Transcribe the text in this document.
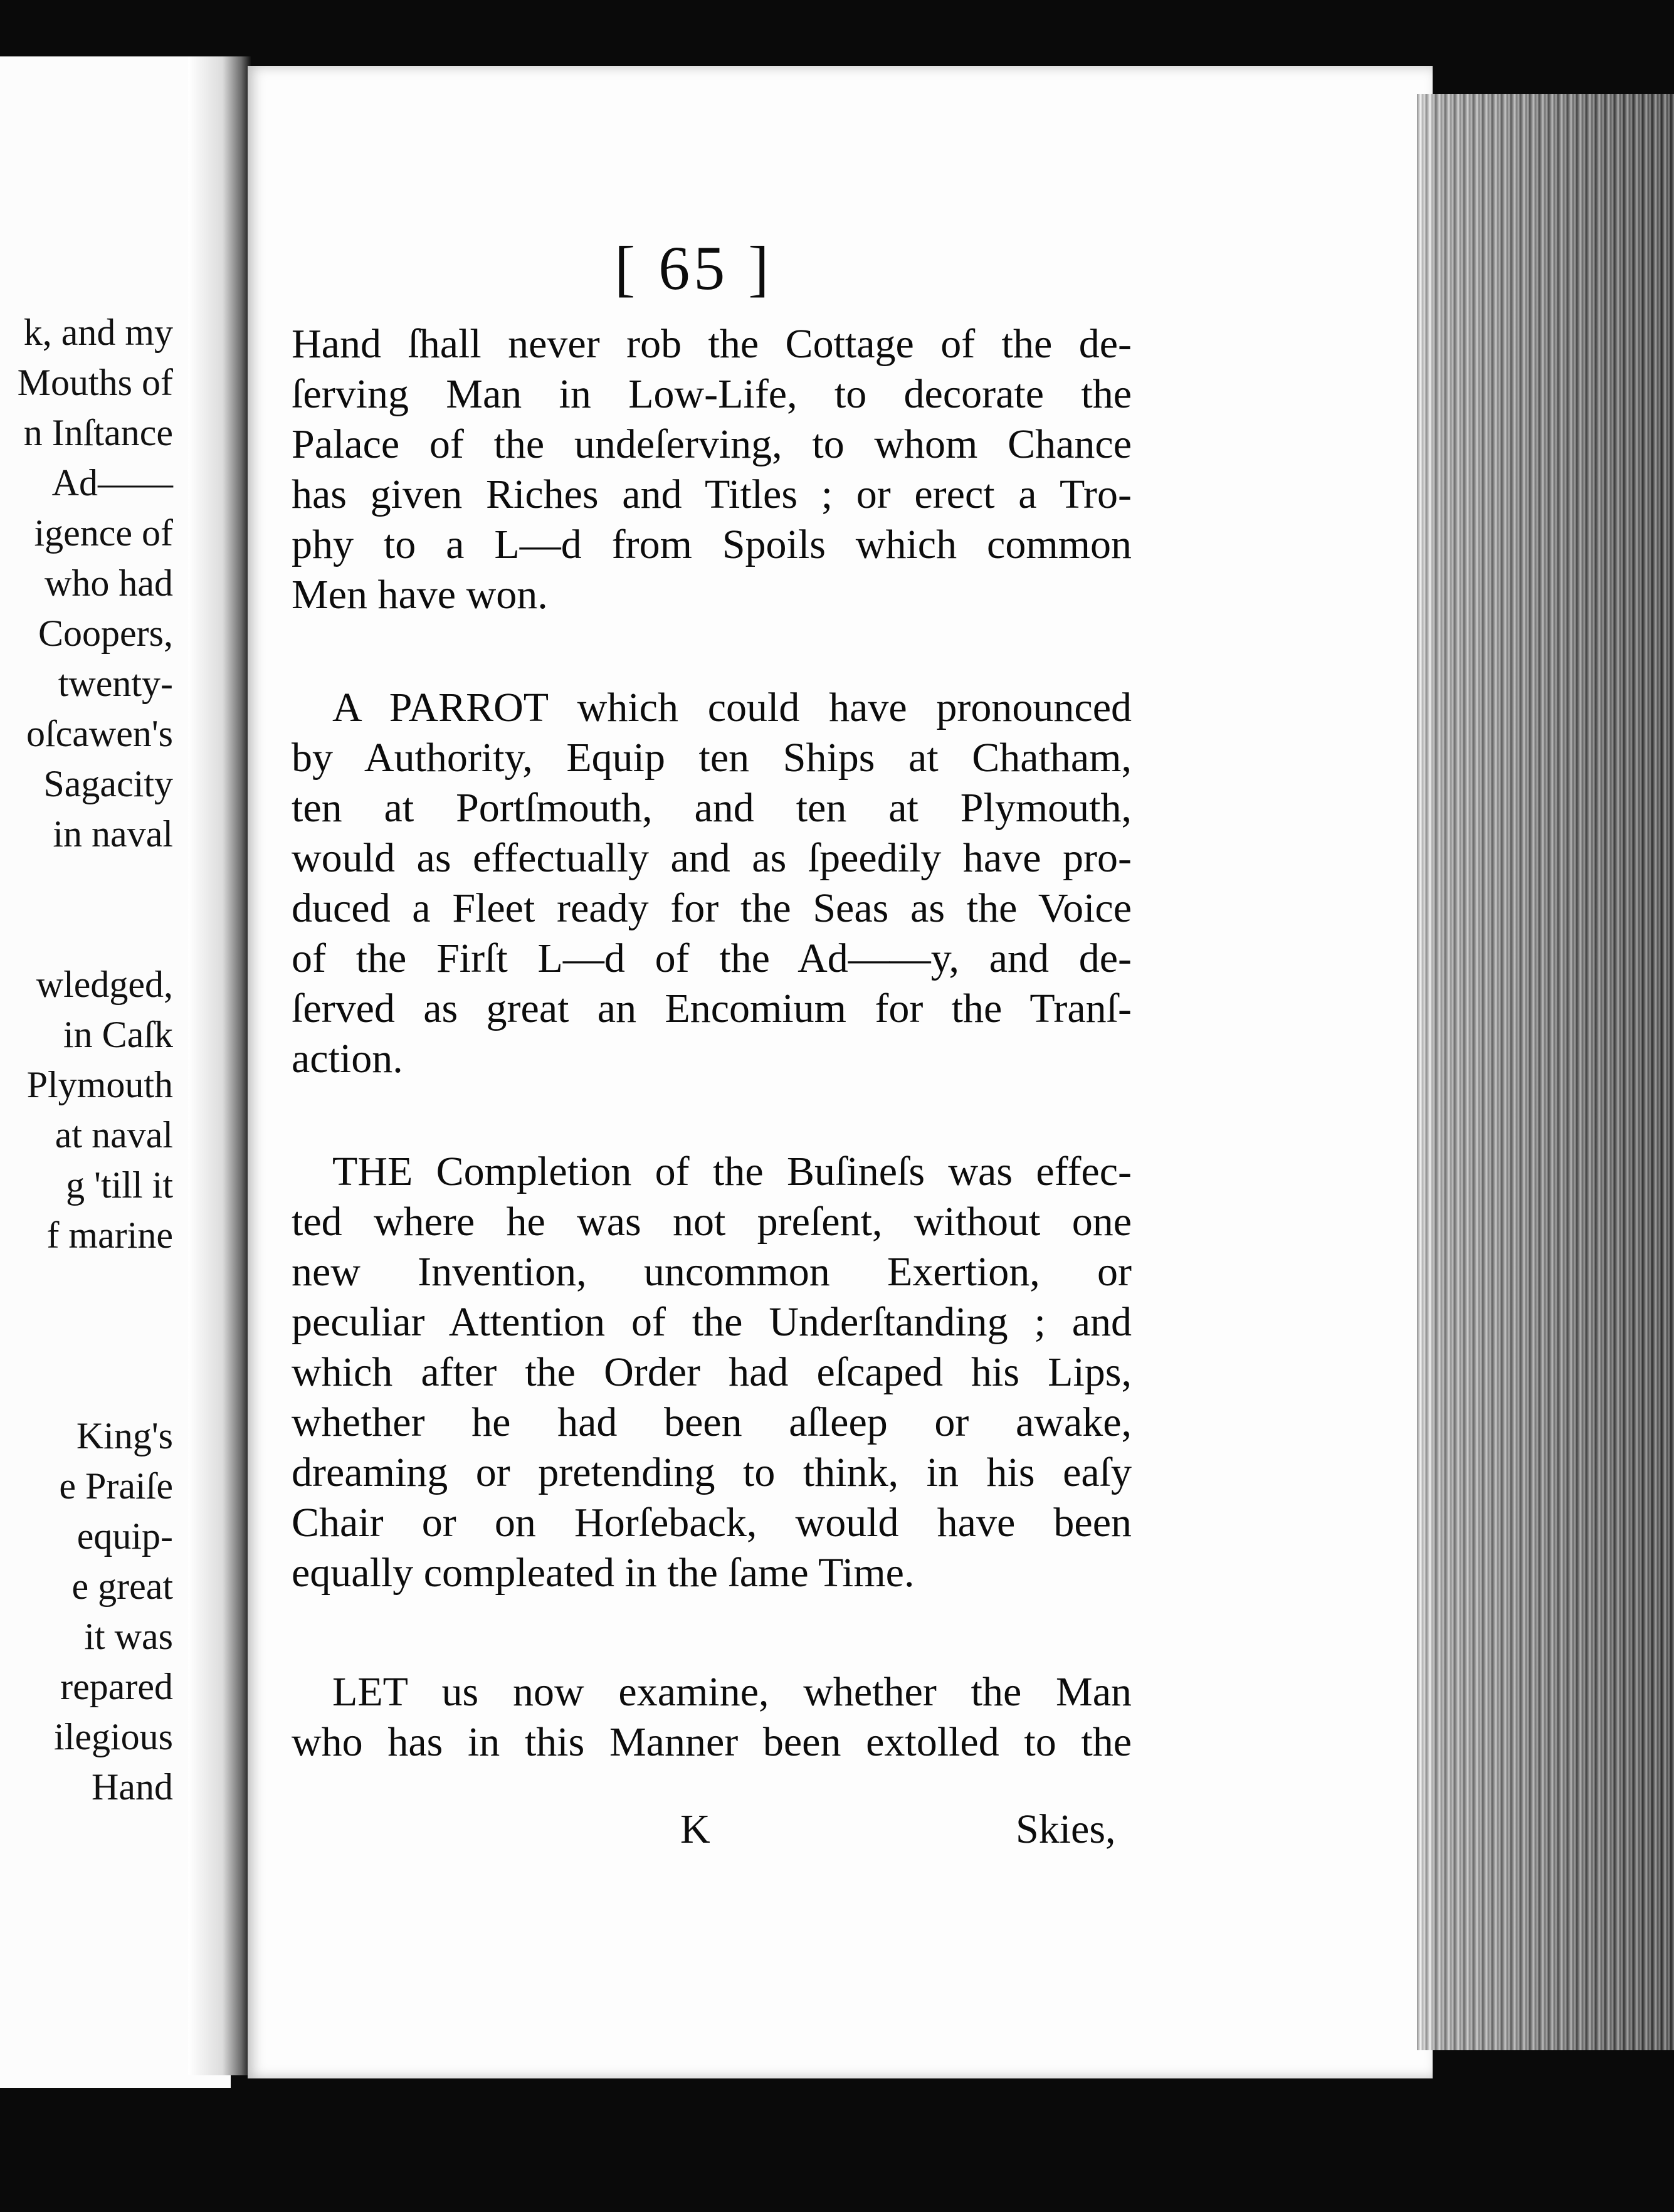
k, and my
Mouths of
n Inſtance
Ad——
igence of
who had
Coopers,
twenty-
oſcawen's
Sagacity
in naval
wledged,
in Caſk
Plymouth
at naval
g 'till it
f marine
King's
e Praiſe
equip-
e great
it was
repared
ilegious
Hand
[ 65 ]
Hand ſhall never rob the Cottage of the de-
ſerving Man in Low-Life, to decorate the
Palace of the undeſerving, to whom Chance
has given Riches and Titles ; or erect a Tro-
phy to a L—d from Spoils which common
Men have won.
A PARROT which could have pronounced
by Authority, Equip ten Ships at Chatham,
ten at Portſmouth, and ten at Plymouth,
would as effectually and as ſpeedily have pro-
duced a Fleet ready for the Seas as the Voice
of the Firſt L—d of the Ad——y, and de-
ſerved as great an Encomium for the Tranſ-
action.
THE Completion of the Buſineſs was effec-
ted where he was not preſent, without one
new Invention, uncommon Exertion, or
peculiar Attention of the Underſtanding ; and
which after the Order had eſcaped his Lips,
whether he had been aſleep or awake,
dreaming or pretending to think, in his eaſy
Chair or on Horſeback, would have been
equally compleated in the ſame Time.
LET us now examine, whether the Man
who has in this Manner been extolled to the
K	Skies,
